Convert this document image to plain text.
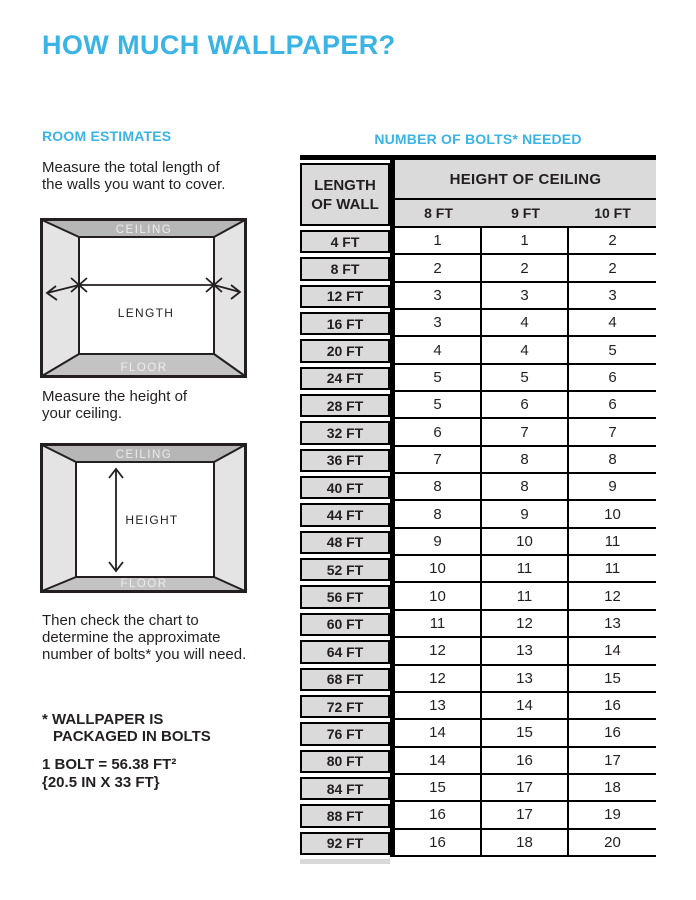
HOW MUCH WALLPAPER?
ROOM ESTIMATES
Measure the total length of
the walls you want to cover.
CEILING
FLOOR
LENGTH
Measure the height of
your ceiling.
CEILING
FLOOR
HEIGHT
Then check the chart to
determine the approximate
number of bolts* you will need.
* WALLPAPER IS
PACKAGED IN BOLTS
1 BOLT = 56.38 FT²
{20.5 IN X 33 FT}
NUMBER OF BOLTS* NEEDED
LENGTH
OF WALL
HEIGHT OF CEILING
8 FT	9 FT	10 FT
4 FT	1	1	2
8 FT	2	2	2
12 FT	3	3	3
16 FT	3	4	4
20 FT	4	4	5
24 FT	5	5	6
28 FT	5	6	6
32 FT	6	7	7
36 FT	7	8	8
40 FT	8	8	9
44 FT	8	9	10
48 FT	9	10	11
52 FT	10	11	11
56 FT	10	11	12
60 FT	11	12	13
64 FT	12	13	14
68 FT	12	13	15
72 FT	13	14	16
76 FT	14	15	16
80 FT	14	16	17
84 FT	15	17	18
88 FT	16	17	19
92 FT	16	18	20
